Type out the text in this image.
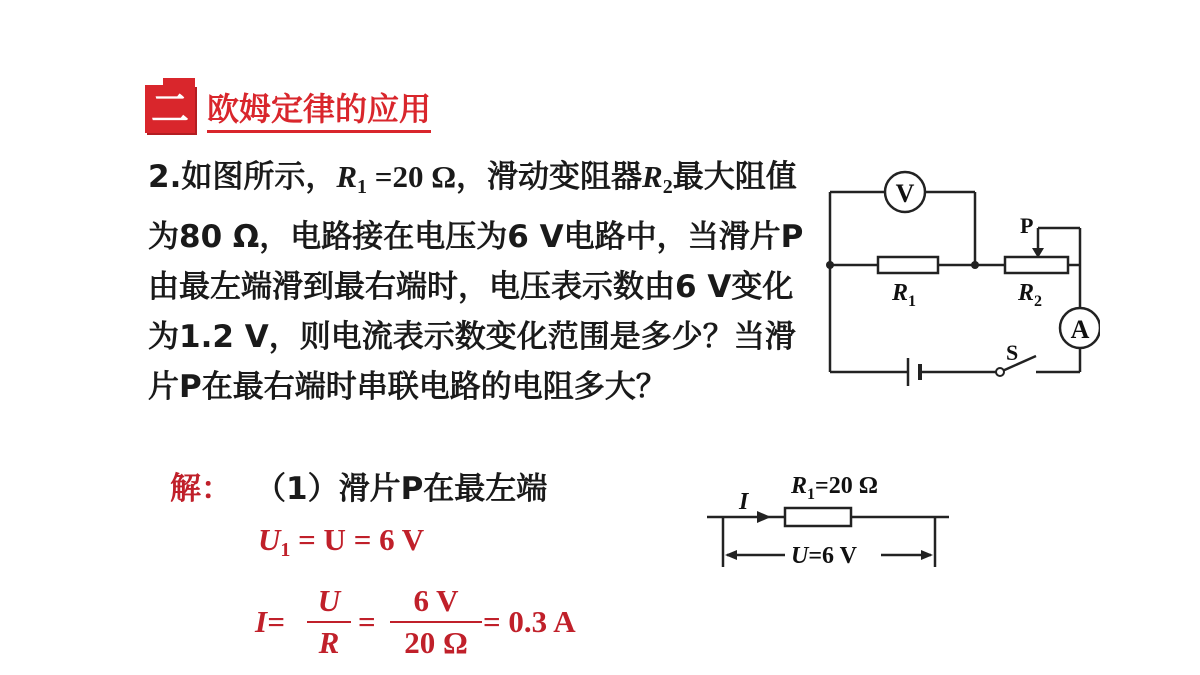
二 欧姆定律的应用
2.如图所示，$R_1 =20$ Ω，滑动变阻器$R_2$最大阻值为80 Ω，电路接在电压为6 V电路中，当滑片P由最左端滑到最右端时，电压表示数由6 V变化为1.2 V，则电流表示数变化范围是多少？当滑片P在最右端时串联电路的电阻多大？
V
A
P
S
$R_1$	$R_2$
解： （1）滑片P在最左端
$U_1 = U = 6$ V
I=
U
R
=
6 V
20 Ω
= 0.3 A
I
$R_1=20$ Ω
U=6 V
